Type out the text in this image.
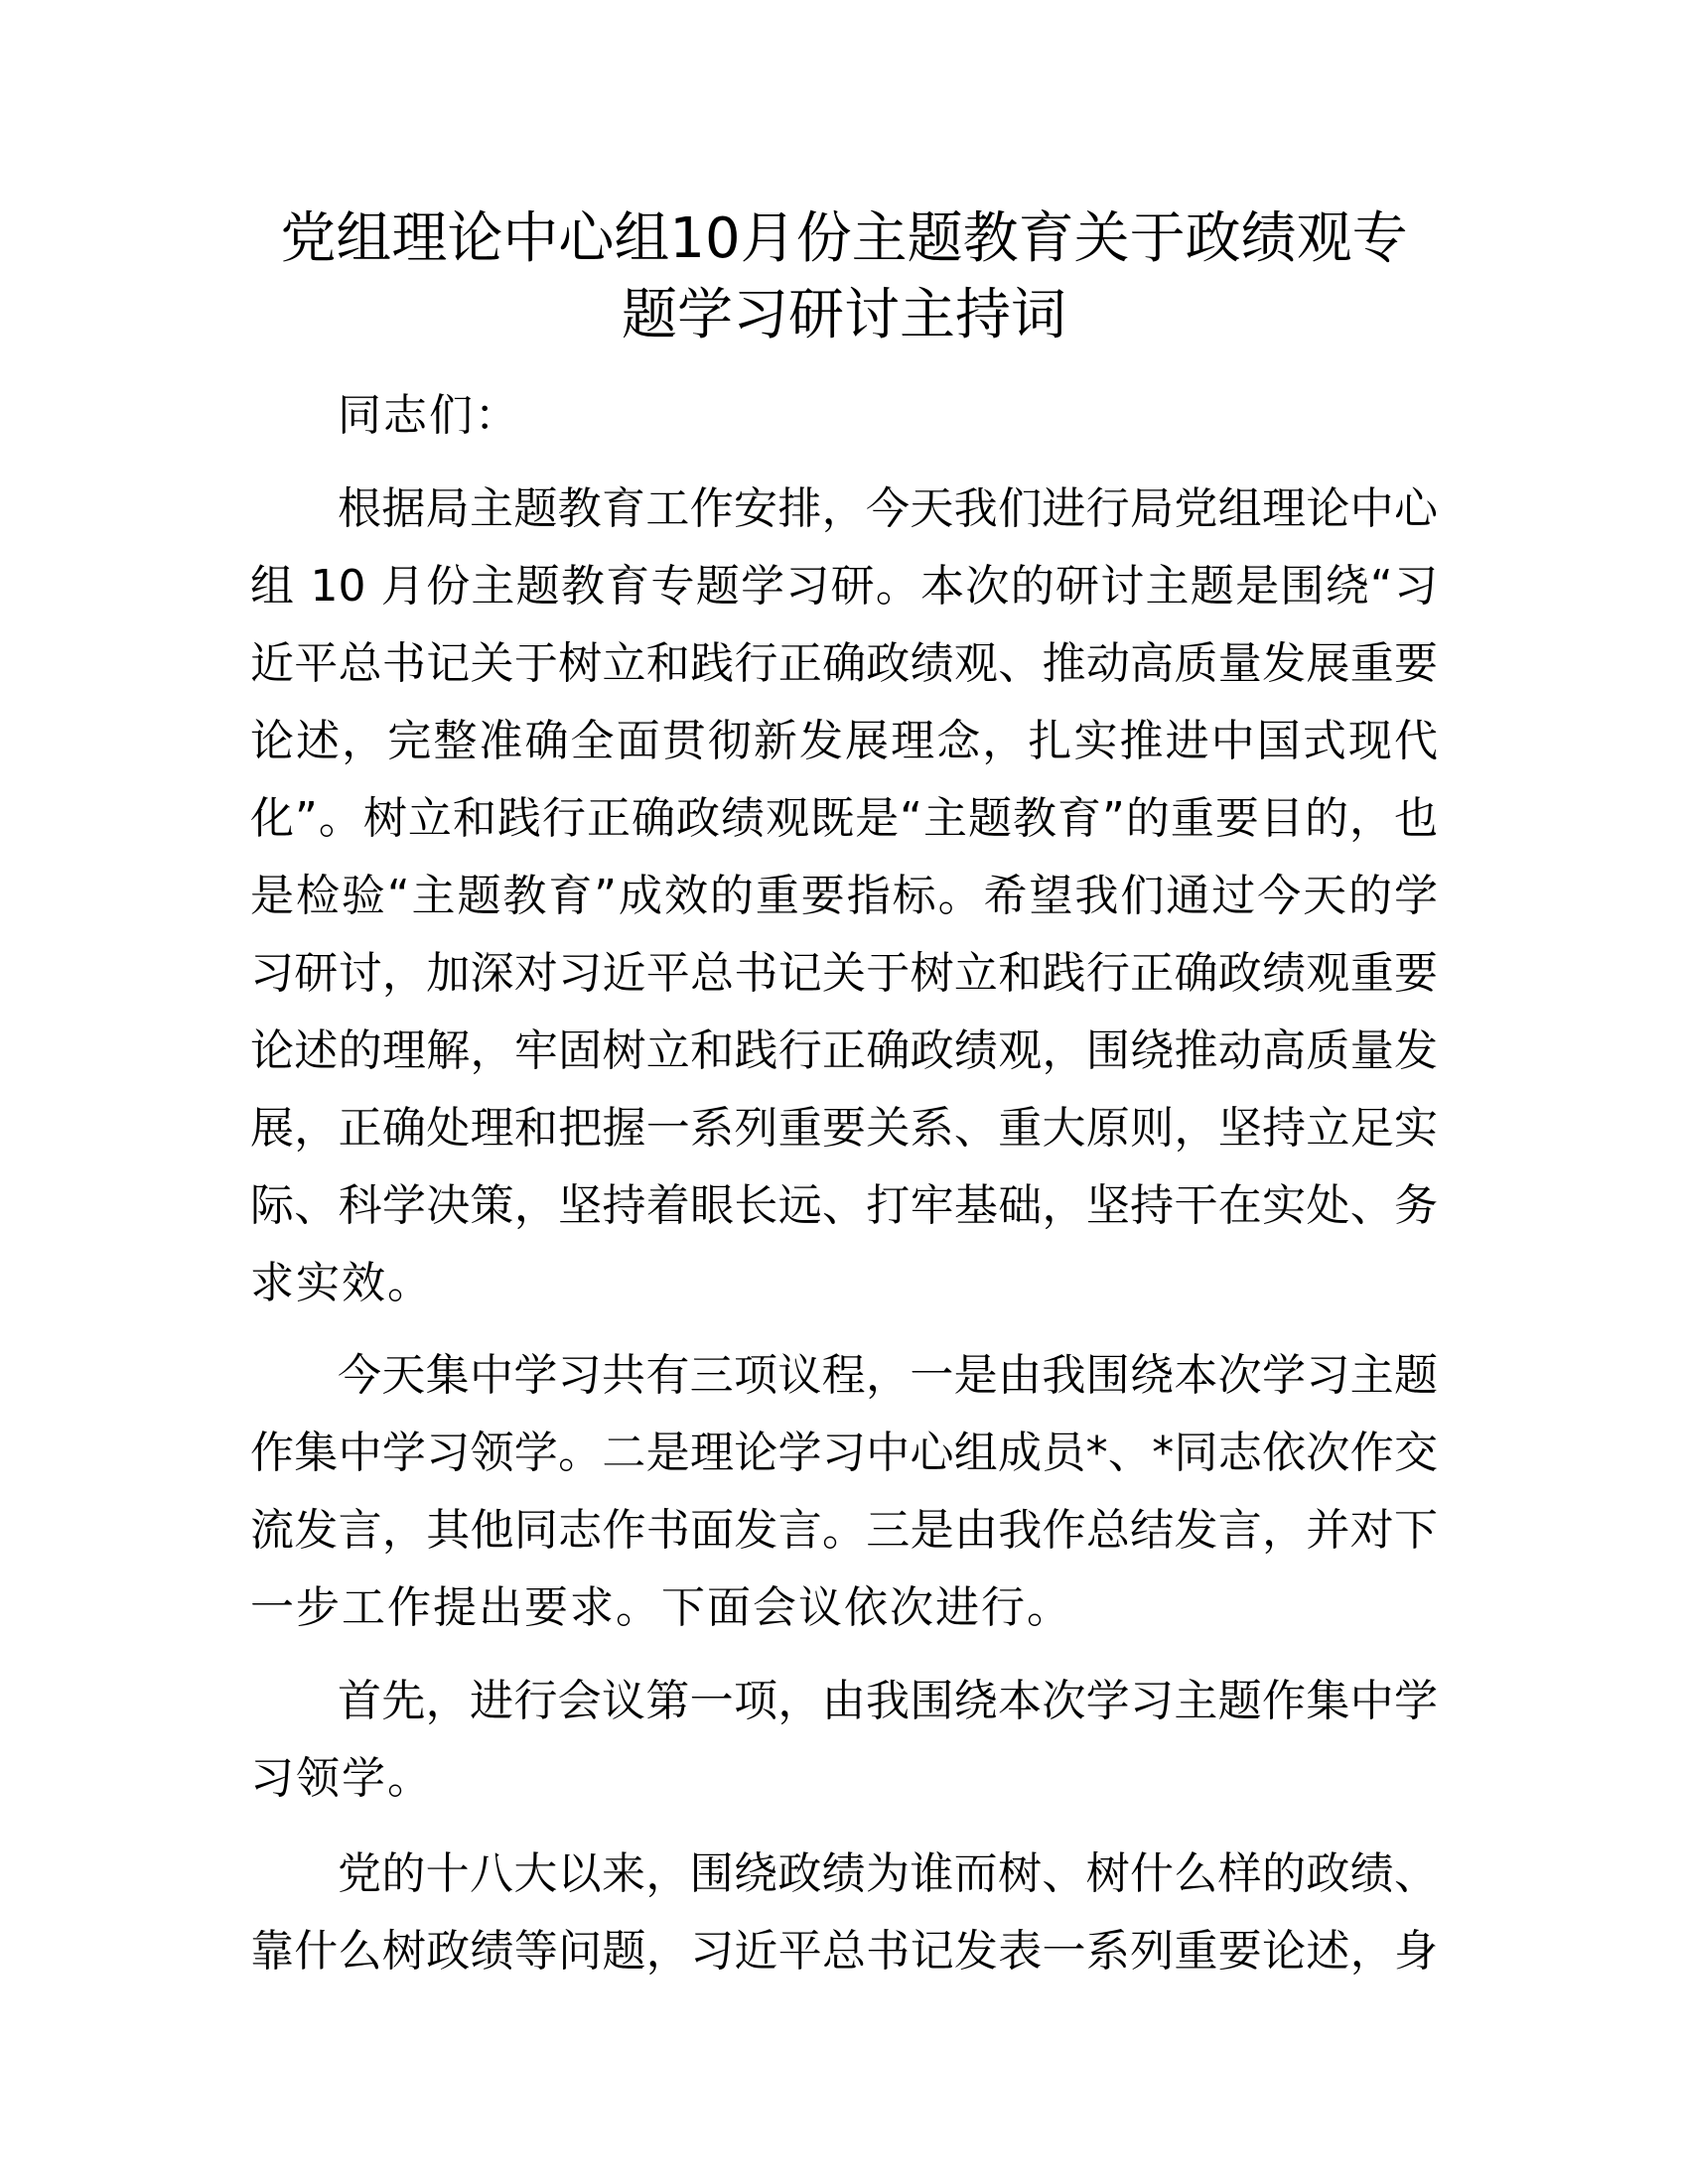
党组理论中心组10月份主题教育关于政绩观专
题学习研讨主持词
同志们：
根据局主题教育工作安排，今天我们进行局党组理论中心
组 10 月份主题教育专题学习研。本次的研讨主题是围绕“习
近平总书记关于树立和践行正确政绩观、推动高质量发展重要
论述，完整准确全面贯彻新发展理念，扎实推进中国式现代
化”。树立和践行正确政绩观既是“主题教育”的重要目的，也
是检验“主题教育”成效的重要指标。希望我们通过今天的学
习研讨，加深对习近平总书记关于树立和践行正确政绩观重要
论述的理解，牢固树立和践行正确政绩观，围绕推动高质量发
展，正确处理和把握一系列重要关系、重大原则，坚持立足实
际、科学决策，坚持着眼长远、打牢基础，坚持干在实处、务
求实效。
今天集中学习共有三项议程，一是由我围绕本次学习主题
作集中学习领学。二是理论学习中心组成员*、*同志依次作交
流发言，其他同志作书面发言。三是由我作总结发言，并对下
一步工作提出要求。下面会议依次进行。
首先，进行会议第一项，由我围绕本次学习主题作集中学
习领学。
党的十八大以来，围绕政绩为谁而树、树什么样的政绩、
靠什么树政绩等问题，习近平总书记发表一系列重要论述，身
